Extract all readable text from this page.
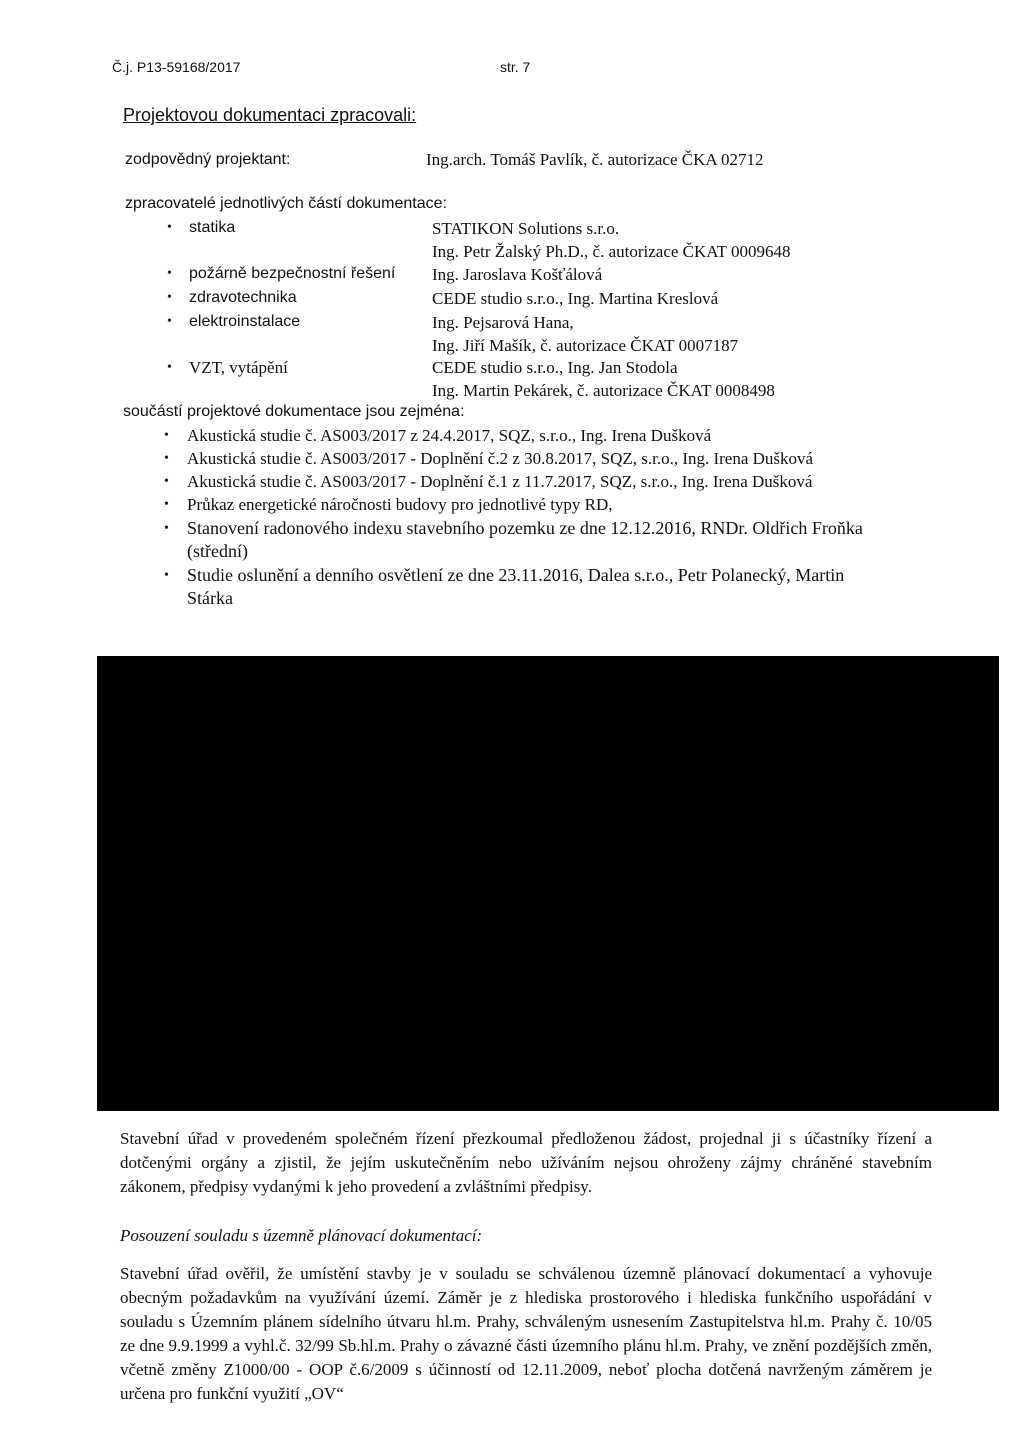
Č.j. P13-59168/2017	str. 7
Projektovou dokumentaci zpracovali:
zodpovědný projektant:	Ing.arch. Tomáš Pavlík, č. autorizace ČKA 02712
zpracovatelé jednotlivých částí dokumentace:
• statika	STATIKON Solutions s.r.o.
Ing. Petr Žalský Ph.D., č. autorizace ČKAT 0009648
• požárně bezpečnostní řešení Ing. Jaroslava Košťálová
• zdravotechnika	CEDE studio s.r.o., Ing. Martina Kreslová
• elektroinstalace	Ing. Pejsarová Hana,
Ing. Jiří Mašík, č. autorizace ČKAT 0007187
• VZT, vytápění	CEDE studio s.r.o., Ing. Jan Stodola
Ing. Martin Pekárek, č. autorizace ČKAT 0008498
součástí projektové dokumentace jsou zejména:
• Akustická studie č. AS003/2017 z 24.4.2017, SQZ, s.r.o., Ing. Irena Dušková
• Akustická studie č. AS003/2017 - Doplnění č.2 z 30.8.2017, SQZ, s.r.o., Ing. Irena Dušková
• Akustická studie č. AS003/2017 - Doplnění č.1 z 11.7.2017, SQZ, s.r.o., Ing. Irena Dušková
• Průkaz energetické náročnosti budovy pro jednotlivé typy RD,
• Stanovení radonového indexu stavebního pozemku ze dne 12.12.2016, RNDr. Oldřich Froňka
(střední)
• Studie oslunění a denního osvětlení ze dne 23.11.2016, Dalea s.r.o., Petr Polanecký, Martin
Stárka

Stavební úřad v provedeném společném řízení přezkoumal předloženou žádost, projednal ji s účastníky řízení a dotčenými orgány a zjistil, že jejím uskutečněním nebo užíváním nejsou ohroženy zájmy chráněné stavebním zákonem, předpisy vydanými k jeho provedení a zvláštními předpisy.

Posouzení souladu s územně plánovací dokumentací:

Stavební úřad ověřil, že umístění stavby je v souladu se schválenou územně plánovací dokumentací a vyhovuje obecným požadavkům na využívání území. Záměr je z hlediska prostorového i hlediska funkčního uspořádání v souladu s Územním plánem sídelního útvaru hl.m. Prahy, schváleným usnesením Zastupitelstva hl.m. Prahy č. 10/05 ze dne 9.9.1999 a vyhl.č. 32/99 Sb.hl.m. Prahy o závazné části územního plánu hl.m. Prahy, ve znění pozdějších změn, včetně změny Z1000/00 - OOP č.6/2009 s účinností od 12.11.2009, neboť plocha dotčená navrženým záměrem je určena pro funkční využití „OV“
